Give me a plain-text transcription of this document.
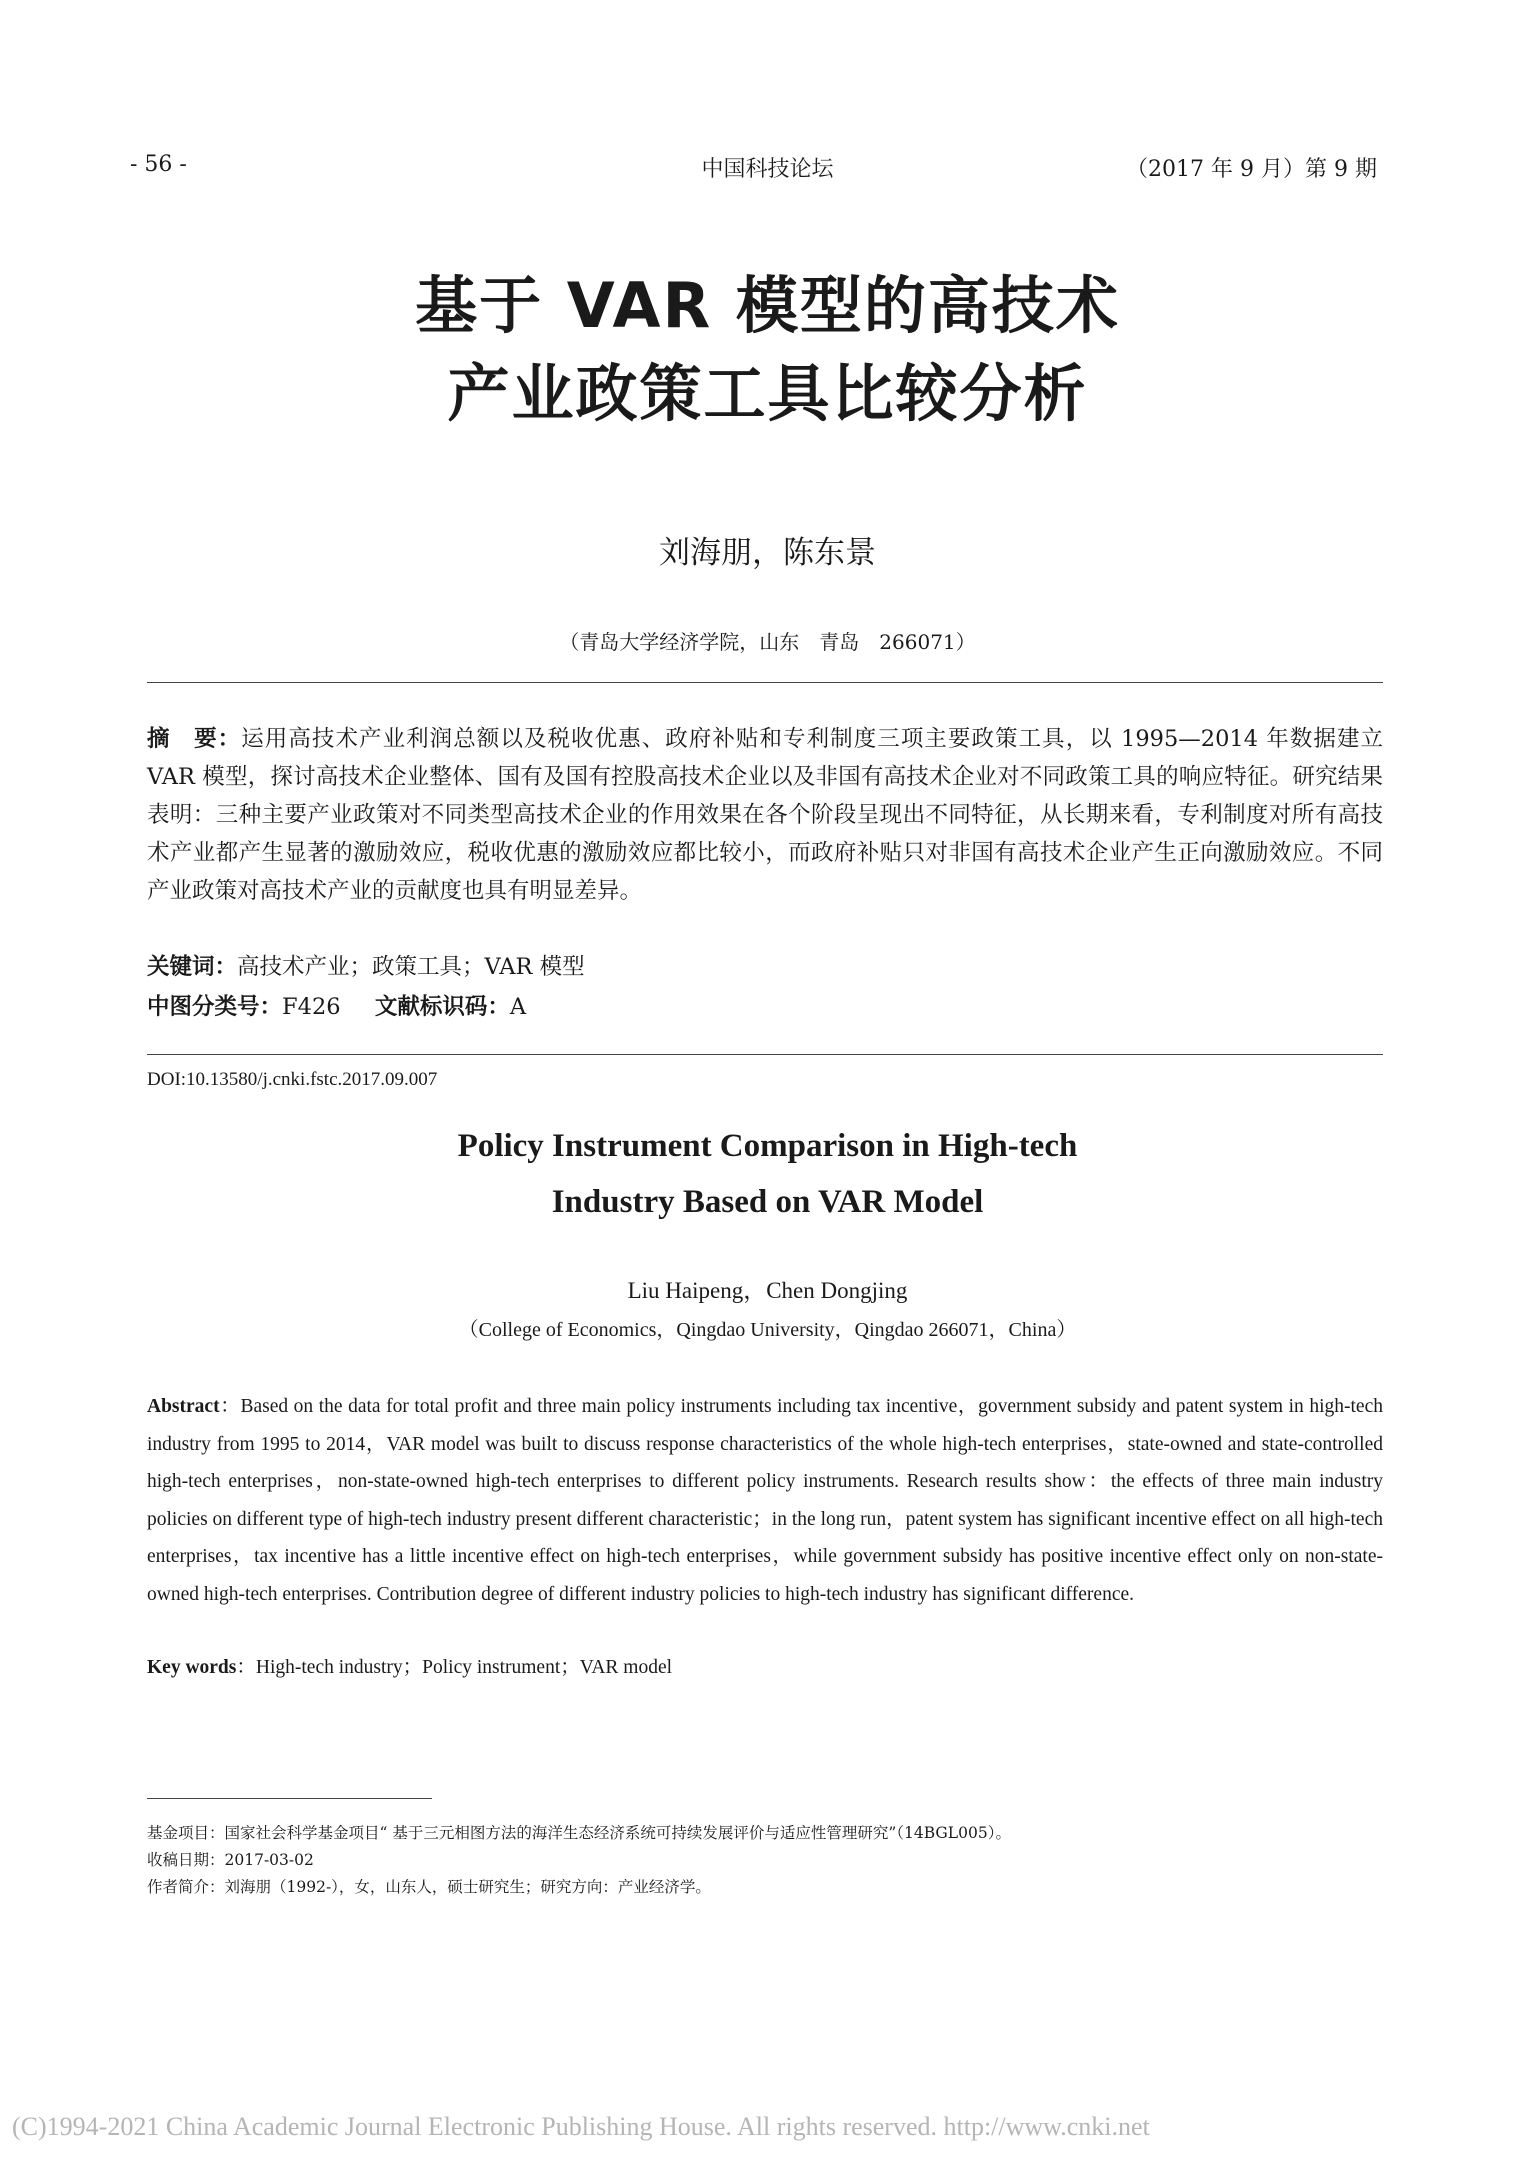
- 56 -	中国科技论坛	（2017 年 9 月）第 9 期
基于 VAR 模型的高技术
产业政策工具比较分析
刘海朋，陈东景
（青岛大学经济学院，山东　青岛　266071）
摘　要：运用高技术产业利润总额以及税收优惠、政府补贴和专利制度三项主要政策工具，以 1995—2014 年数据建立 VAR 模型，探讨高技术企业整体、国有及国有控股高技术企业以及非国有高技术企业对不同政策工具的响应特征。研究结果表明：三种主要产业政策对不同类型高技术企业的作用效果在各个阶段呈现出不同特征，从长期来看，专利制度对所有高技术产业都产生显著的激励效应，税收优惠的激励效应都比较小，而政府补贴只对非国有高技术企业产生正向激励效应。不同产业政策对高技术产业的贡献度也具有明显差异。
关键词：高技术产业；政策工具；VAR 模型
中图分类号：F426 文献标识码：A
DOI:10.13580/j.cnki.fstc.2017.09.007
Policy Instrument Comparison in High-tech
Industry Based on VAR Model
Liu Haipeng，Chen Dongjing
（College of Economics，Qingdao University，Qingdao 266071，China）
Abstract：Based on the data for total profit and three main policy instruments including tax incentive，government subsidy and patent system in high-tech industry from 1995 to 2014，VAR model was built to discuss response characteristics of the whole high-tech enterprises，state-owned and state-controlled high-tech enterprises，non-state-owned high-tech enterprises to different policy instruments. Research results show：the effects of three main industry policies on different type of high-tech industry present different characteristic；in the long run，patent system has significant incentive effect on all high-tech enterprises，tax incentive has a little incentive effect on high-tech enterprises，while government subsidy has positive incentive effect only on non-state-owned high-tech enterprises. Contribution degree of different industry policies to high-tech industry has significant difference.
Key words：High-tech industry；Policy instrument；VAR model
基金项目：国家社会科学基金项目“ 基于三元相图方法的海洋生态经济系统可持续发展评价与适应性管理研究”（14BGL005）。
收稿日期：2017-03-02
作者简介：刘海朋（1992-），女，山东人，硕士研究生；研究方向：产业经济学。
(C)1994-2021 China Academic Journal Electronic Publishing House. All rights reserved. http://www.cnki.net
